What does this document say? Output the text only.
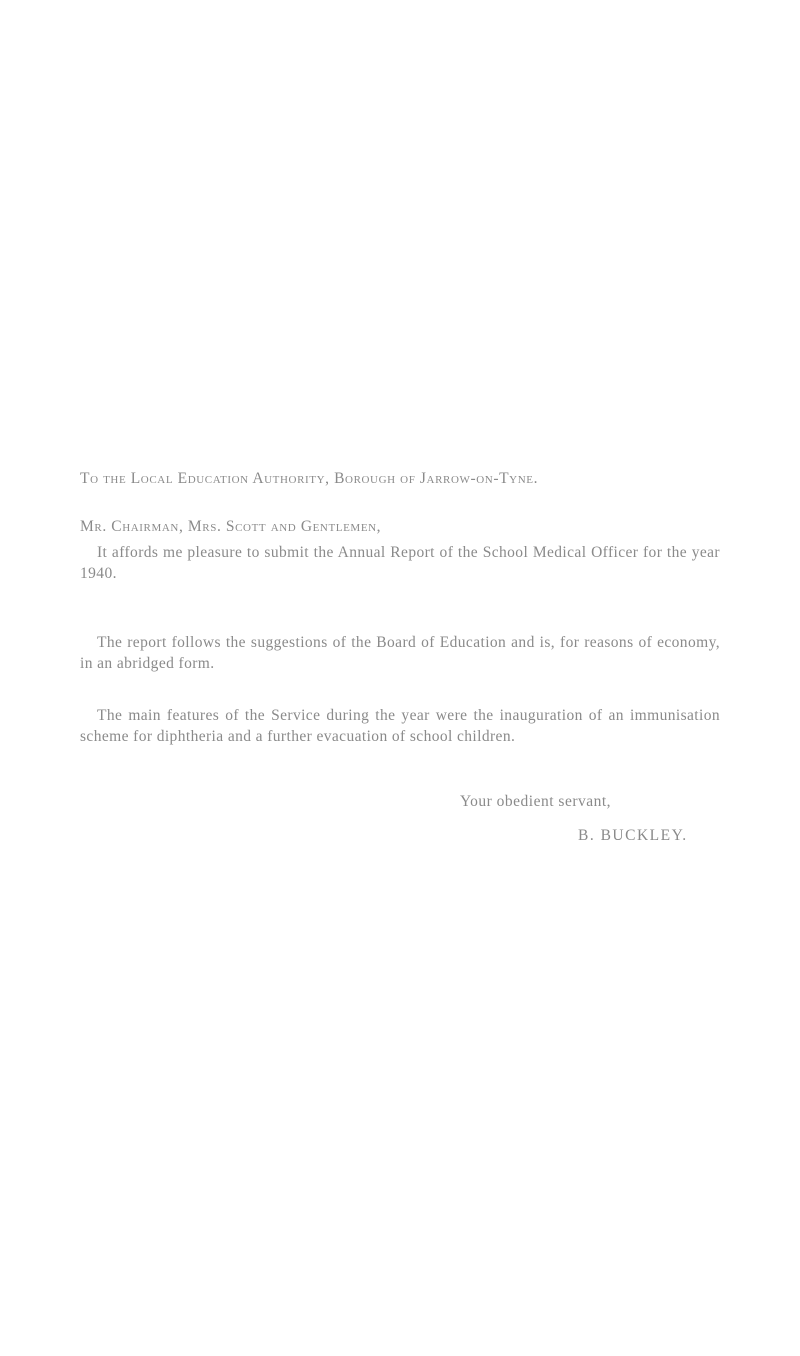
To the Local Education Authority, Borough of Jarrow-on-Tyne.
Mr. Chairman, Mrs. Scott and Gentlemen,

It affords me pleasure to submit the Annual Report of the School Medical Officer for the year 1940.

The report follows the suggestions of the Board of Education and is, for reasons of economy, in an abridged form.

The main features of the Service during the year were the inauguration of an immunisation scheme for diphtheria and a further evacuation of school children.

Your obedient servant,
B. BUCKLEY.
